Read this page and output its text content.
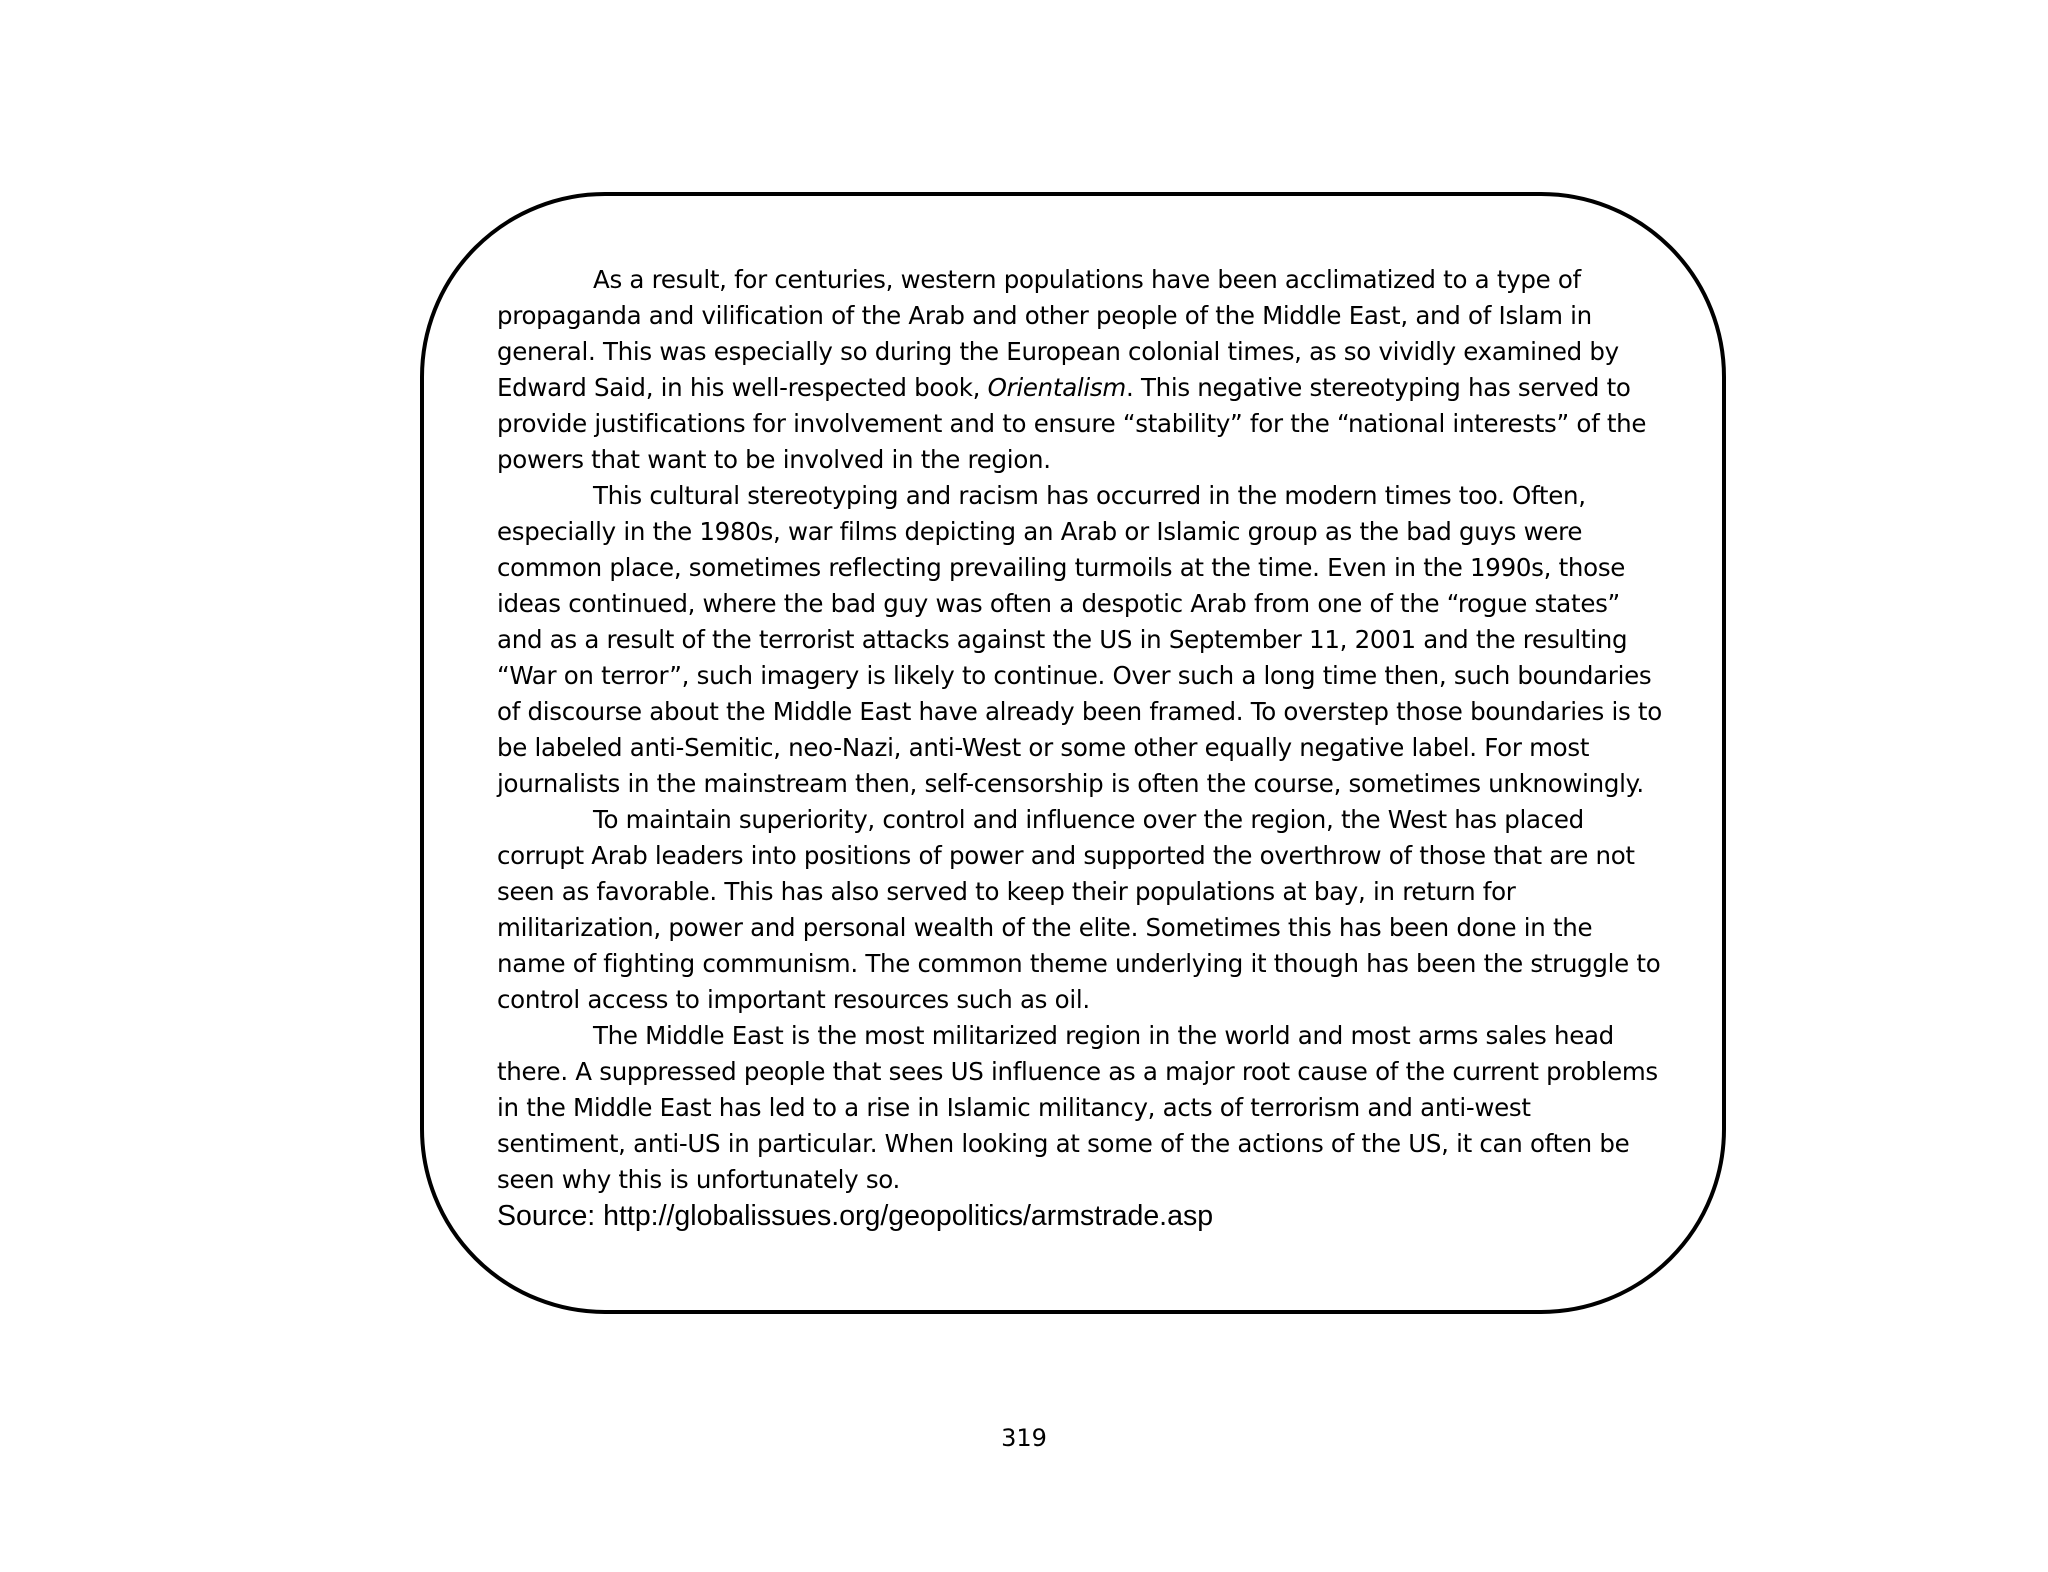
As a result, for centuries, western populations have been acclimatized to a type of propaganda and vilification of the Arab and other people of the Middle East, and of Islam in general. This was especially so during the European colonial times, as so vividly examined by Edward Said, in his well-respected book, Orientalism. This negative stereotyping has served to provide justifications for involvement and to ensure “stability” for the “national interests” of the powers that want to be involved in the region.

This cultural stereotyping and racism has occurred in the modern times too. Often, especially in the 1980s, war films depicting an Arab or Islamic group as the bad guys were common place, sometimes reflecting prevailing turmoils at the time. Even in the 1990s, those ideas continued, where the bad guy was often a despotic Arab from one of the “rogue states” and as a result of the terrorist attacks against the US in September 11, 2001 and the resulting “War on terror”, such imagery is likely to continue. Over such a long time then, such boundaries of discourse about the Middle East have already been framed. To overstep those boundaries is to be labeled anti-Semitic, neo-Nazi, anti-West or some other equally negative label. For most journalists in the mainstream then, self-censorship is often the course, sometimes unknowingly.

To maintain superiority, control and influence over the region, the West has placed corrupt Arab leaders into positions of power and supported the overthrow of those that are not seen as favorable. This has also served to keep their populations at bay, in return for militarization, power and personal wealth of the elite. Sometimes this has been done in the name of fighting communism. The common theme underlying it though has been the struggle to control access to important resources such as oil.

The Middle East is the most militarized region in the world and most arms sales head there. A suppressed people that sees US influence as a major root cause of the current problems in the Middle East has led to a rise in Islamic militancy, acts of terrorism and anti-west sentiment, anti-US in particular. When looking at some of the actions of the US, it can often be seen why this is unfortunately so.

Source: http://globalissues.org/geopolitics/armstrade.asp

319
